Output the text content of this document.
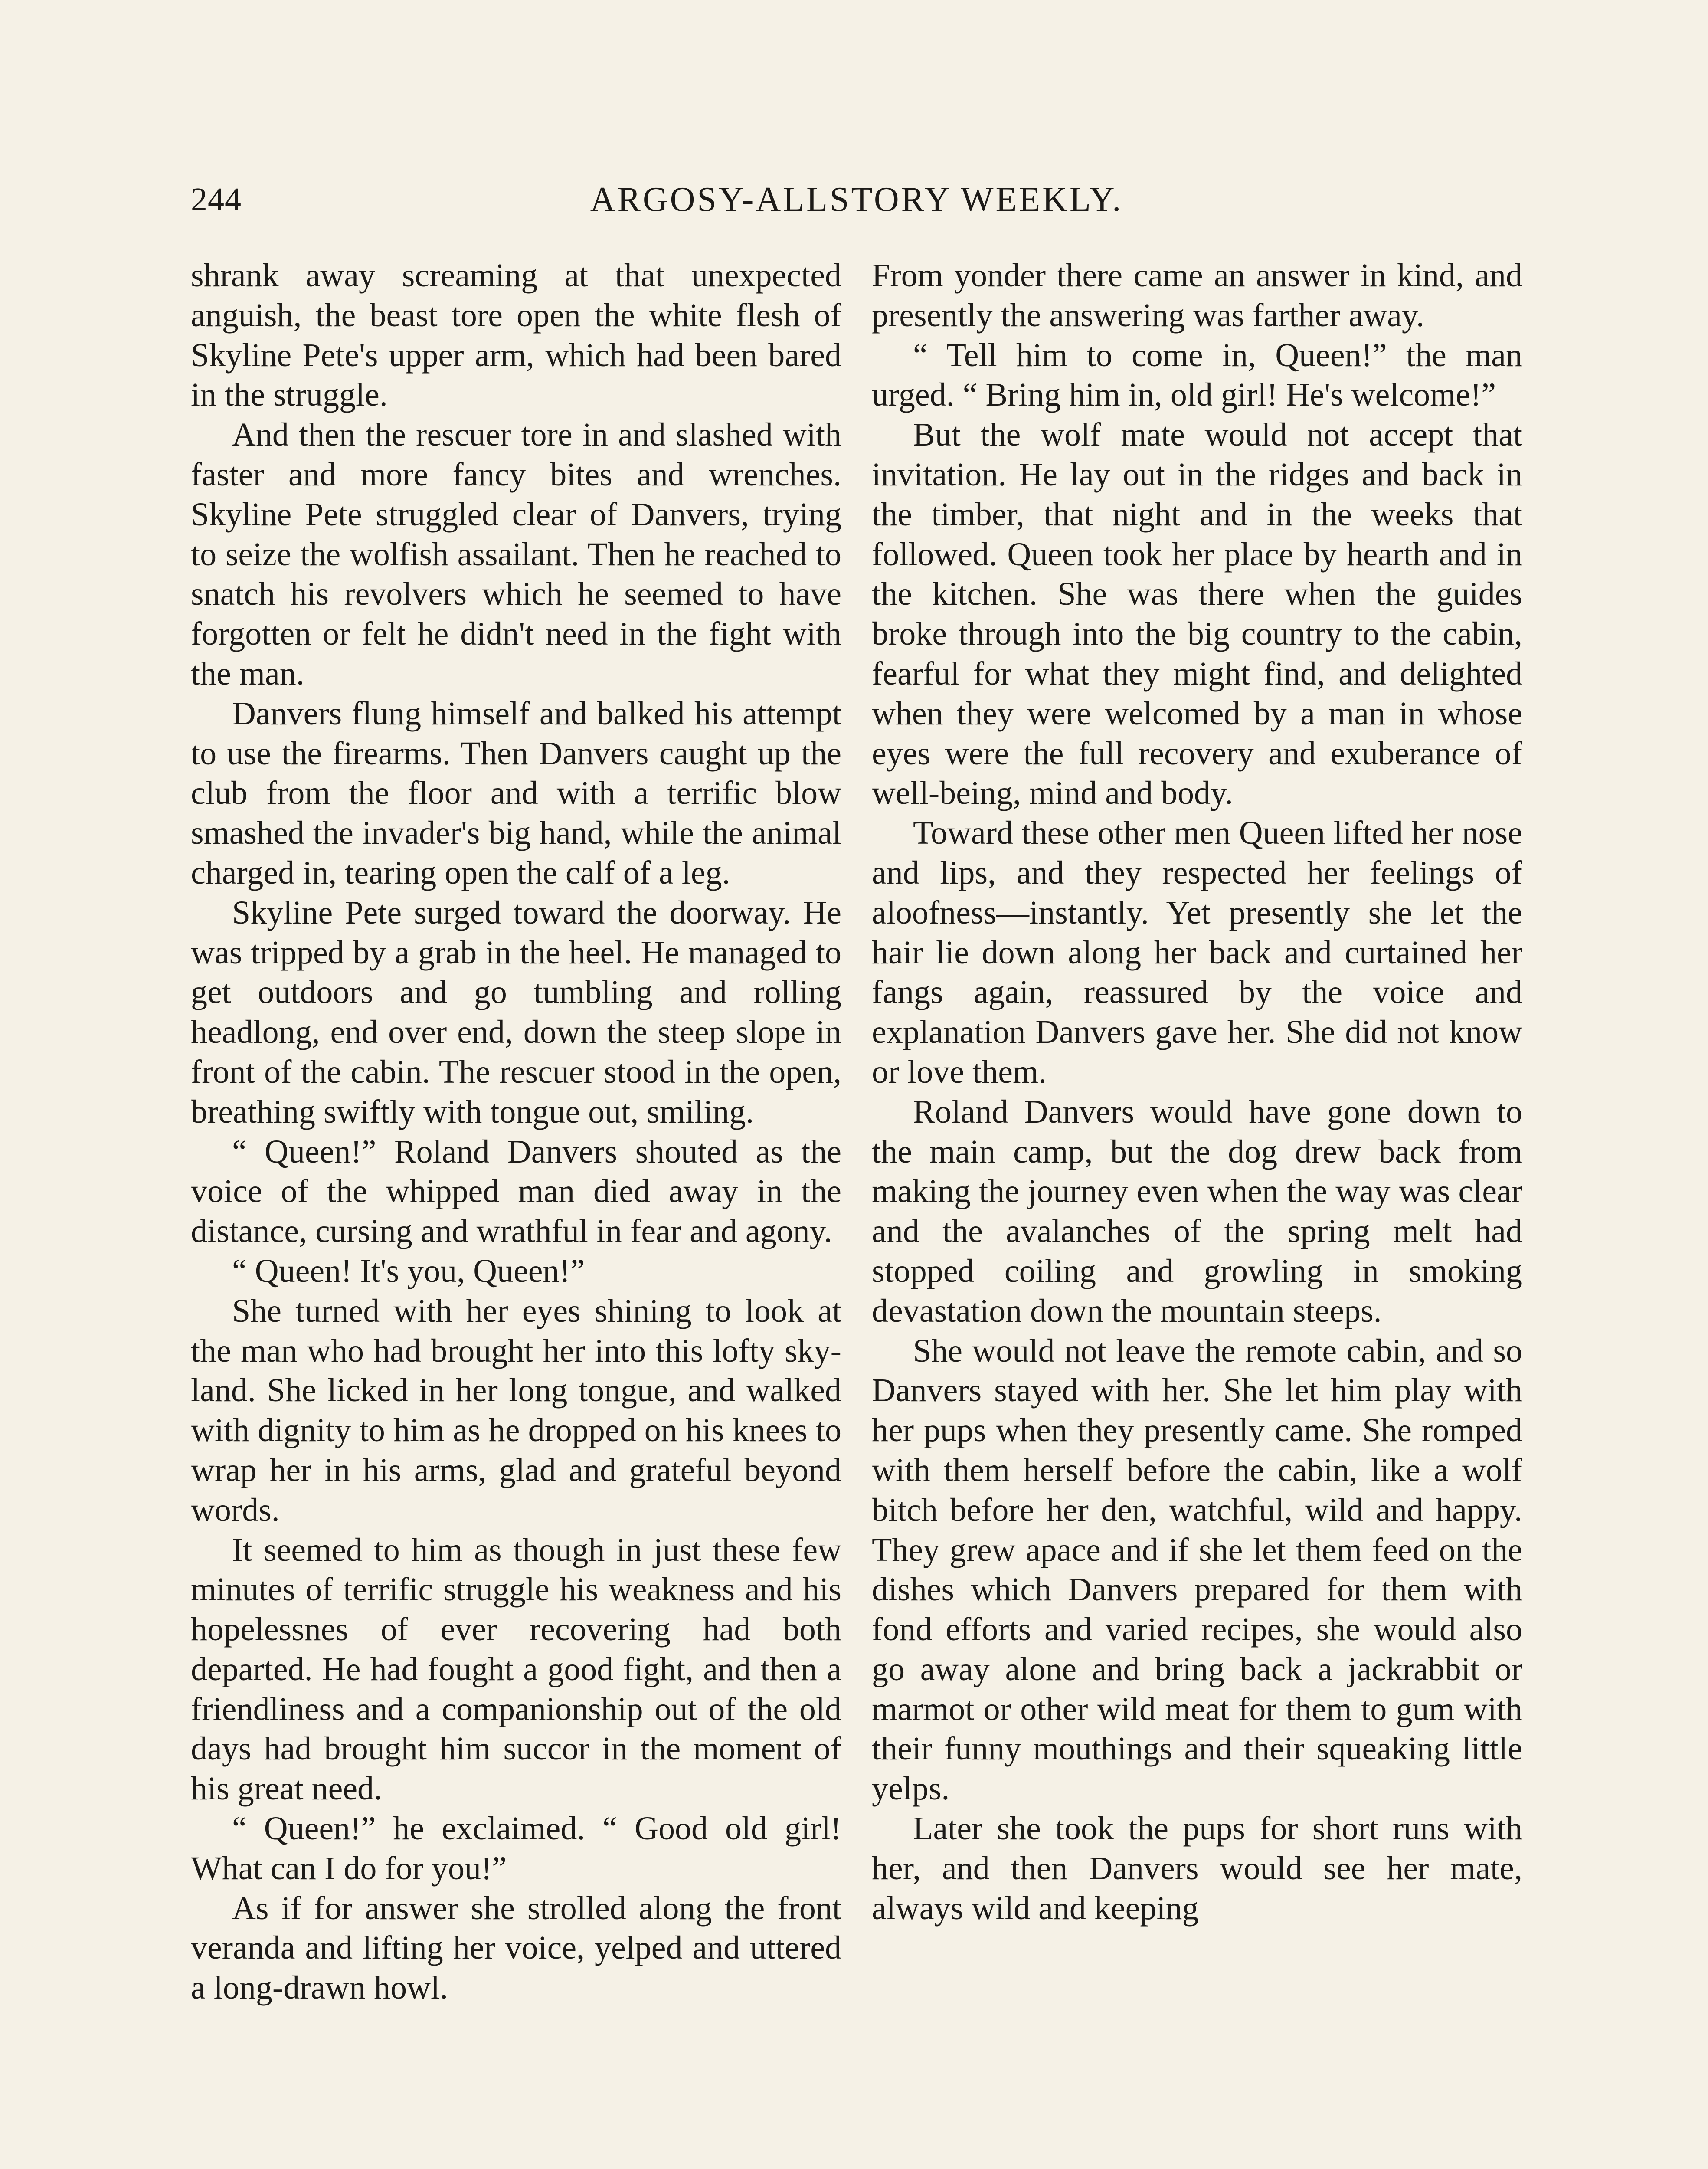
244	ARGOSY-ALLSTORY WEEKLY.

shrank away screaming at that unexpected anguish, the beast tore open the white flesh of Skyline Pete's upper arm, which had been bared in the struggle.

And then the rescuer tore in and slashed with faster and more fancy bites and wrenches. Skyline Pete struggled clear of Danvers, trying to seize the wolfish assailant. Then he reached to snatch his revolvers which he seemed to have forgotten or felt he didn't need in the fight with the man.

Danvers flung himself and balked his attempt to use the firearms. Then Danvers caught up the club from the floor and with a terrific blow smashed the invader's big hand, while the animal charged in, tearing open the calf of a leg.

Skyline Pete surged toward the doorway. He was tripped by a grab in the heel. He managed to get outdoors and go tumbling and rolling headlong, end over end, down the steep slope in front of the cabin. The rescuer stood in the open, breathing swiftly with tongue out, smiling.

“ Queen!” Roland Danvers shouted as the voice of the whipped man died away in the distance, cursing and wrathful in fear and agony.

“ Queen! It's you, Queen!”

She turned with her eyes shining to look at the man who had brought her into this lofty sky-land. She licked in her long tongue, and walked with dignity to him as he dropped on his knees to wrap her in his arms, glad and grateful beyond words.

It seemed to him as though in just these few minutes of terrific struggle his weakness and his hopelessnes of ever recovering had both departed. He had fought a good fight, and then a friendliness and a companionship out of the old days had brought him succor in the moment of his great need.

“ Queen!” he exclaimed. “ Good old girl! What can I do for you!”

As if for answer she strolled along the front veranda and lifting her voice, yelped and uttered a long-drawn howl.

From yonder there came an answer in kind, and presently the answering was farther away.

“ Tell him to come in, Queen!” the man urged. “ Bring him in, old girl! He's welcome!”

But the wolf mate would not accept that invitation. He lay out in the ridges and back in the timber, that night and in the weeks that followed. Queen took her place by hearth and in the kitchen. She was there when the guides broke through into the big country to the cabin, fearful for what they might find, and delighted when they were welcomed by a man in whose eyes were the full recovery and exuberance of well-being, mind and body.

Toward these other men Queen lifted her nose and lips, and they respected her feelings of aloofness—instantly. Yet presently she let the hair lie down along her back and curtained her fangs again, reassured by the voice and explanation Danvers gave her. She did not know or love them.

Roland Danvers would have gone down to the main camp, but the dog drew back from making the journey even when the way was clear and the avalanches of the spring melt had stopped coiling and growling in smoking devastation down the mountain steeps.

She would not leave the remote cabin, and so Danvers stayed with her. She let him play with her pups when they presently came. She romped with them herself before the cabin, like a wolf bitch before her den, watchful, wild and happy. They grew apace and if she let them feed on the dishes which Danvers prepared for them with fond efforts and varied recipes, she would also go away alone and bring back a jackrabbit or marmot or other wild meat for them to gum with their funny mouthings and their squeaking little yelps.

Later she took the pups for short runs with her, and then Danvers would see her mate, always wild and keeping
